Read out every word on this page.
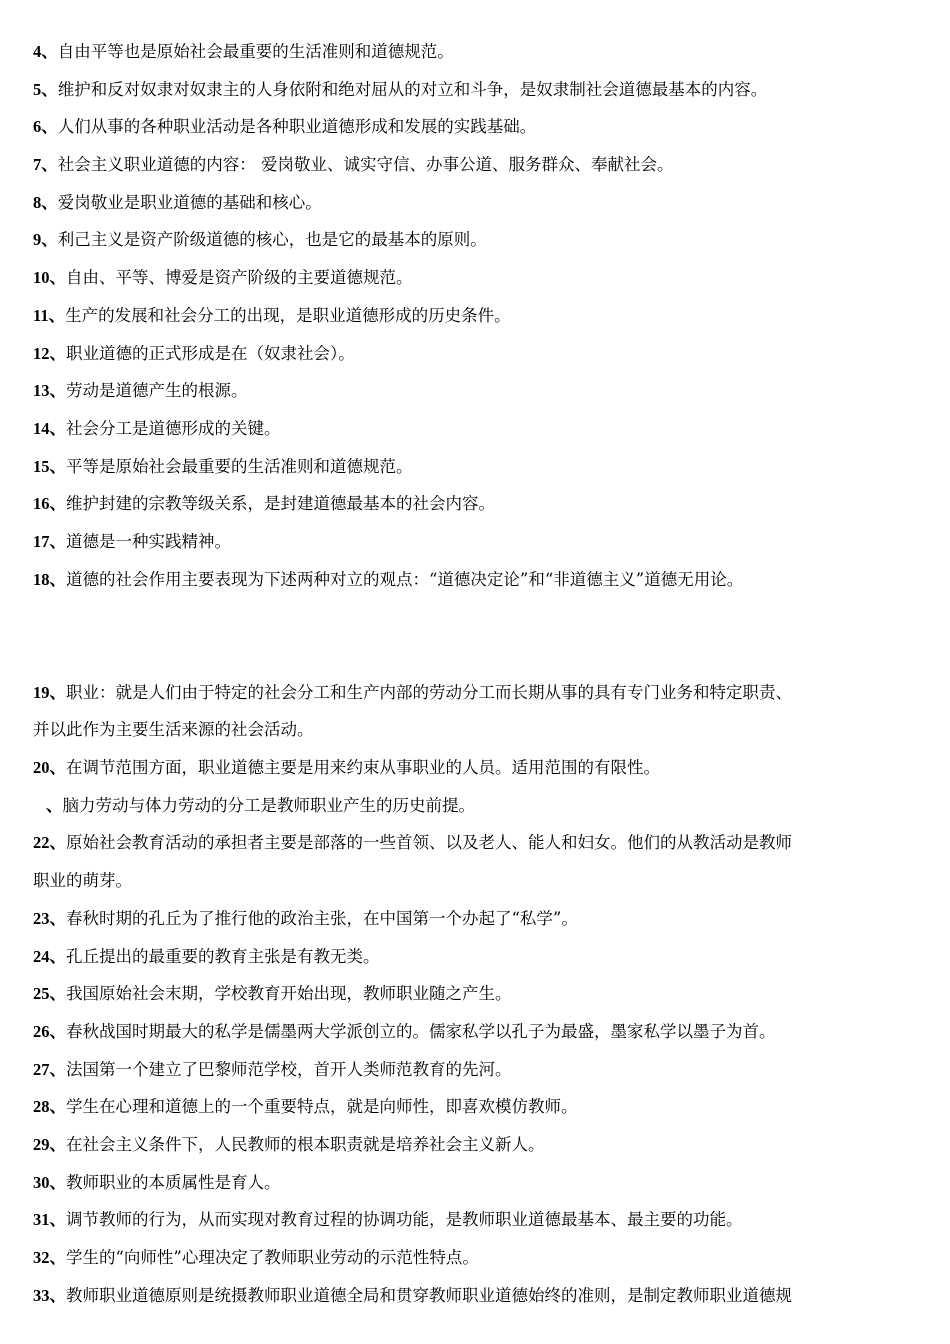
4、自由平等也是原始社会最重要的生活准则和道德规范。
5、维护和反对奴隶对奴隶主的人身依附和绝对屈从的对立和斗争，是奴隶制社会道德最基本的内容。
6、人们从事的各种职业活动是各种职业道德形成和发展的实践基础。
7、社会主义职业道德的内容： 爱岗敬业、诚实守信、办事公道、服务群众、奉献社会。
8、爱岗敬业是职业道德的基础和核心。
9、利己主义是资产阶级道德的核心，也是它的最基本的原则。
10、自由、平等、博爱是资产阶级的主要道德规范。
11、生产的发展和社会分工的出现，是职业道德形成的历史条件。
12、职业道德的正式形成是在（奴隶社会）。
13、劳动是道德产生的根源。
14、社会分工是道德形成的关键。
15、平等是原始社会最重要的生活准则和道德规范。
16、维护封建的宗教等级关系，是封建道德最基本的社会内容。
17、道德是一种实践精神。
18、道德的社会作用主要表现为下述两种对立的观点：“道德决定论”和“非道德主义”道德无用论。
19、职业：就是人们由于特定的社会分工和生产内部的劳动分工而长期从事的具有专门业务和特定职责、
并以此作为主要生活来源的社会活动。
20、在调节范围方面，职业道德主要是用来约束从事职业的人员。适用范围的有限性。
、脑力劳动与体力劳动的分工是教师职业产生的历史前提。
22、原始社会教育活动的承担者主要是部落的一些首领、以及老人、能人和妇女。他们的从教活动是教师
职业的萌芽。
23、春秋时期的孔丘为了推行他的政治主张，在中国第一个办起了“私学”。
24、孔丘提出的最重要的教育主张是有教无类。
25、我国原始社会末期，学校教育开始出现，教师职业随之产生。
26、春秋战国时期最大的私学是儒墨两大学派创立的。儒家私学以孔子为最盛，墨家私学以墨子为首。
27、法国第一个建立了巴黎师范学校，首开人类师范教育的先河。
28、学生在心理和道德上的一个重要特点，就是向师性，即喜欢模仿教师。
29、在社会主义条件下，人民教师的根本职责就是培养社会主义新人。
30、教师职业的本质属性是育人。
31、调节教师的行为，从而实现对教育过程的协调功能，是教师职业道德最基本、最主要的功能。
32、学生的“向师性”心理决定了教师职业劳动的示范性特点。
33、教师职业道德原则是统摄教师职业道德全局和贯穿教师职业道德始终的准则，是制定教师职业道德规
